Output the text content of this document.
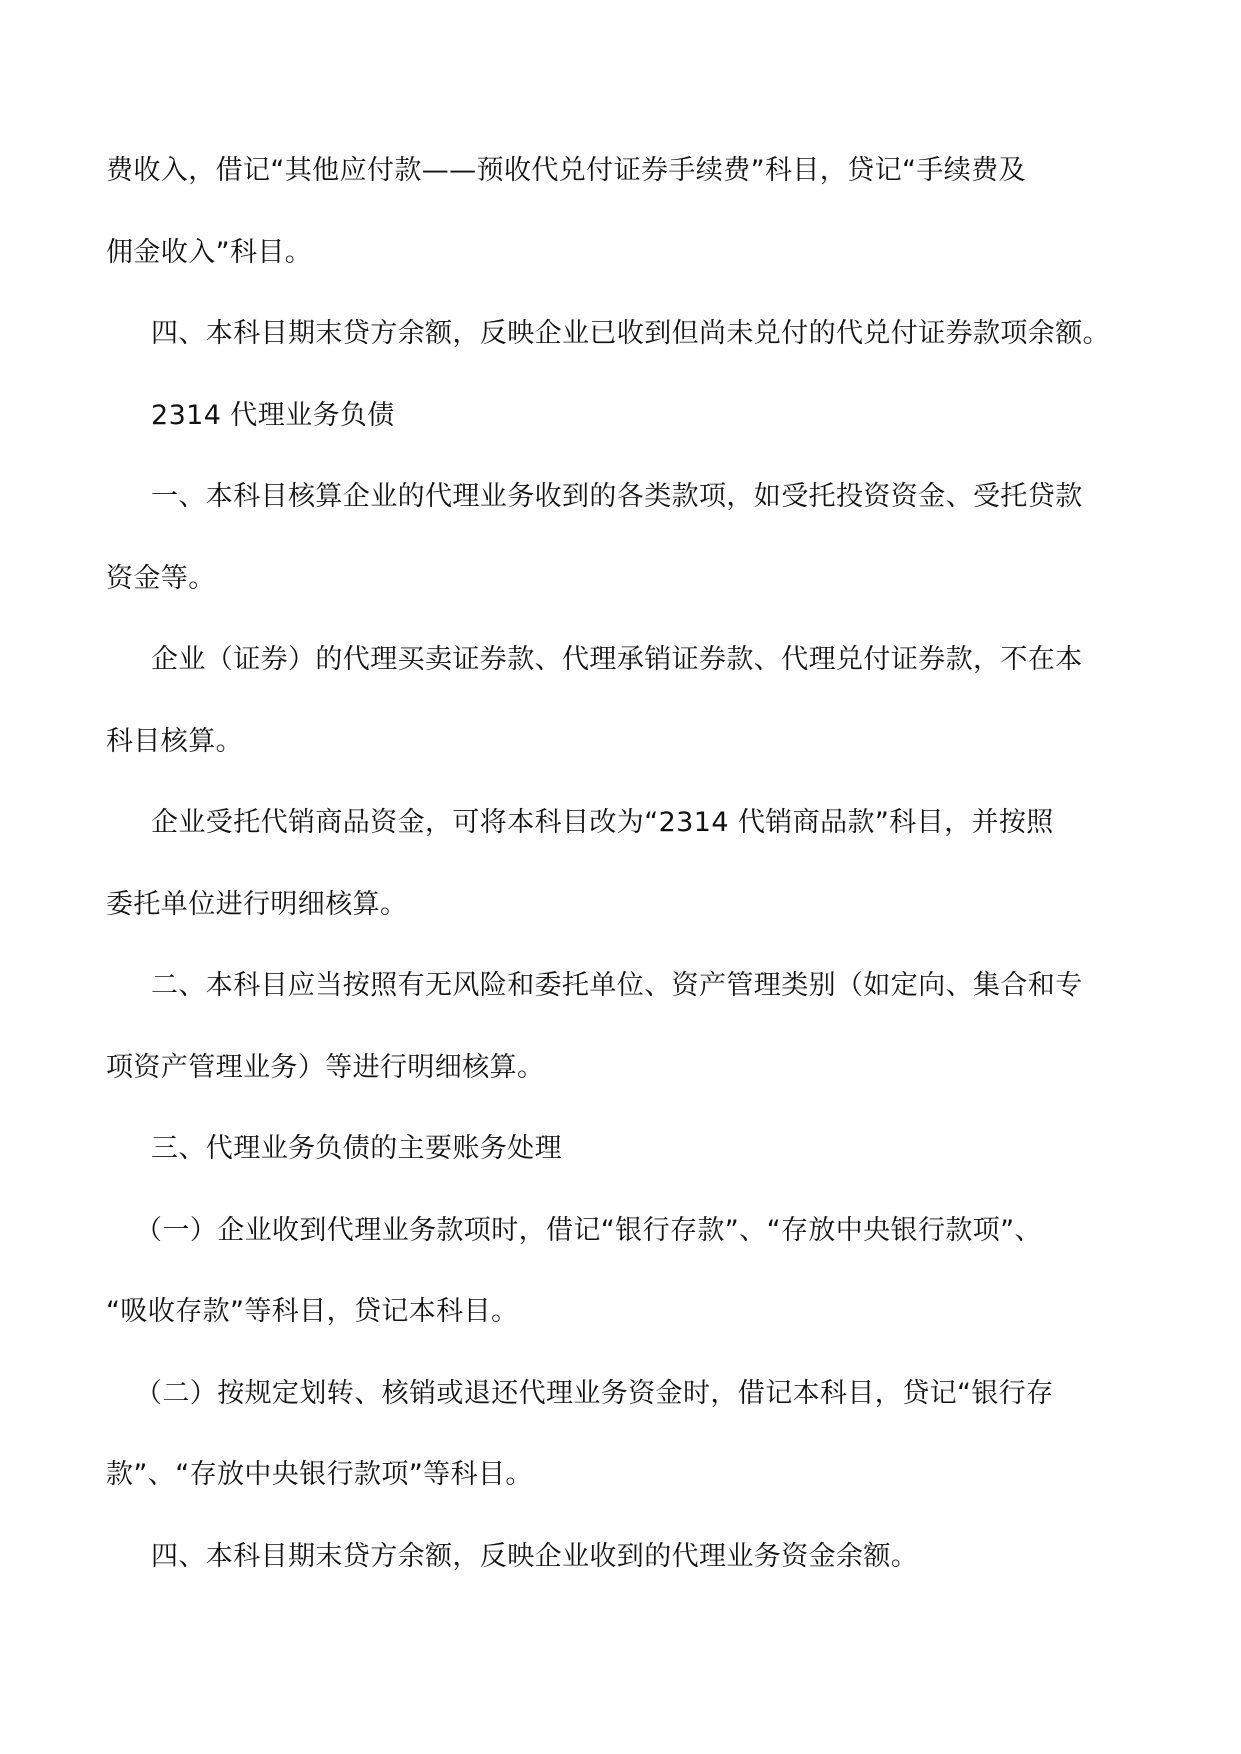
费收入，借记“其他应付款——预收代兑付证券手续费”科目，贷记“手续费及
佣金收入”科目。
四、本科目期末贷方余额，反映企业已收到但尚未兑付的代兑付证券款项余额。
2314 代理业务负债
一、本科目核算企业的代理业务收到的各类款项，如受托投资资金、受托贷款
资金等。
企业（证券）的代理买卖证券款、代理承销证券款、代理兑付证券款，不在本
科目核算。
企业受托代销商品资金，可将本科目改为“2314 代销商品款”科目，并按照
委托单位进行明细核算。
二、本科目应当按照有无风险和委托单位、资产管理类别（如定向、集合和专
项资产管理业务）等进行明细核算。
三、代理业务负债的主要账务处理
（一）企业收到代理业务款项时，借记“银行存款”、“存放中央银行款项”、
“吸收存款”等科目，贷记本科目。
（二）按规定划转、核销或退还代理业务资金时，借记本科目，贷记“银行存
款”、“存放中央银行款项”等科目。
四、本科目期末贷方余额，反映企业收到的代理业务资金余额。
